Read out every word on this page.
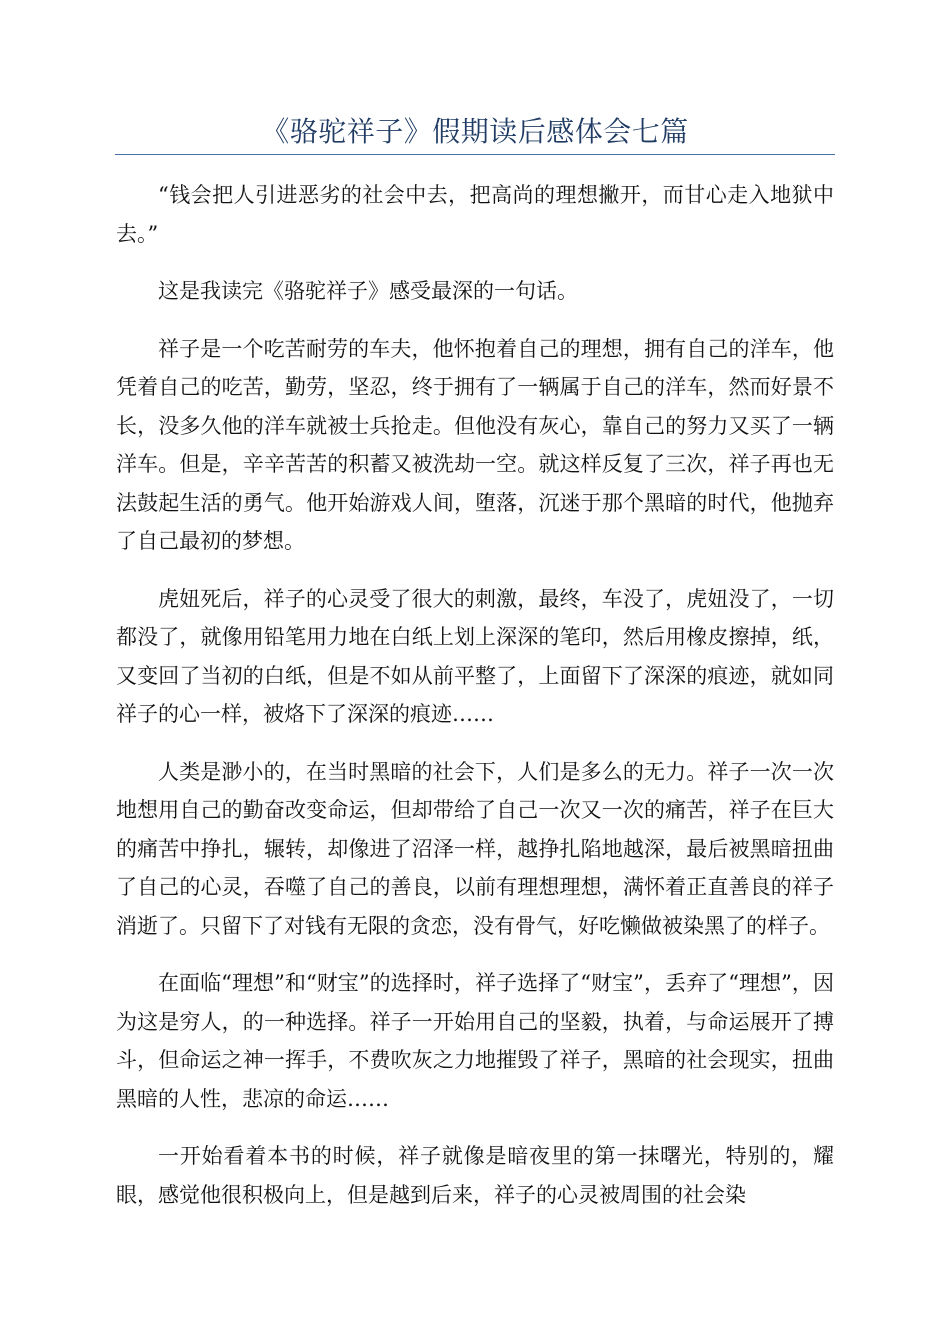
《骆驼祥子》假期读后感体会七篇

“钱会把人引进恶劣的社会中去，把高尚的理想撇开，而甘心走入地狱中去。”

这是我读完《骆驼祥子》感受最深的一句话。

祥子是一个吃苦耐劳的车夫，他怀抱着自己的理想，拥有自己的洋车，他凭着自己的吃苦，勤劳，坚忍，终于拥有了一辆属于自己的洋车，然而好景不长，没多久他的洋车就被士兵抢走。但他没有灰心，靠自己的努力又买了一辆洋车。但是，辛辛苦苦的积蓄又被洗劫一空。就这样反复了三次，祥子再也无法鼓起生活的勇气。他开始游戏人间，堕落，沉迷于那个黑暗的时代，他抛弃了自己最初的梦想。

虎妞死后，祥子的心灵受了很大的刺激，最终，车没了，虎妞没了，一切都没了，就像用铅笔用力地在白纸上划上深深的笔印，然后用橡皮擦掉，纸，又变回了当初的白纸，但是不如从前平整了，上面留下了深深的痕迹，就如同祥子的心一样，被烙下了深深的痕迹……

人类是渺小的，在当时黑暗的社会下，人们是多么的无力。祥子一次一次地想用自己的勤奋改变命运，但却带给了自己一次又一次的痛苦，祥子在巨大的痛苦中挣扎，辗转，却像进了沼泽一样，越挣扎陷地越深，最后被黑暗扭曲了自己的心灵，吞噬了自己的善良，以前有理想理想，满怀着正直善良的祥子消逝了。只留下了对钱有无限的贪恋，没有骨气，好吃懒做被染黑了的样子。

在面临“理想”和“财宝”的选择时，祥子选择了“财宝”，丢弃了“理想”，因为这是穷人，的一种选择。祥子一开始用自己的坚毅，执着，与命运展开了搏斗，但命运之神一挥手，不费吹灰之力地摧毁了祥子，黑暗的社会现实，扭曲黑暗的人性，悲凉的命运……

一开始看着本书的时候，祥子就像是暗夜里的第一抹曙光，特别的，耀眼，感觉他很积极向上，但是越到后来，祥子的心灵被周围的社会染
